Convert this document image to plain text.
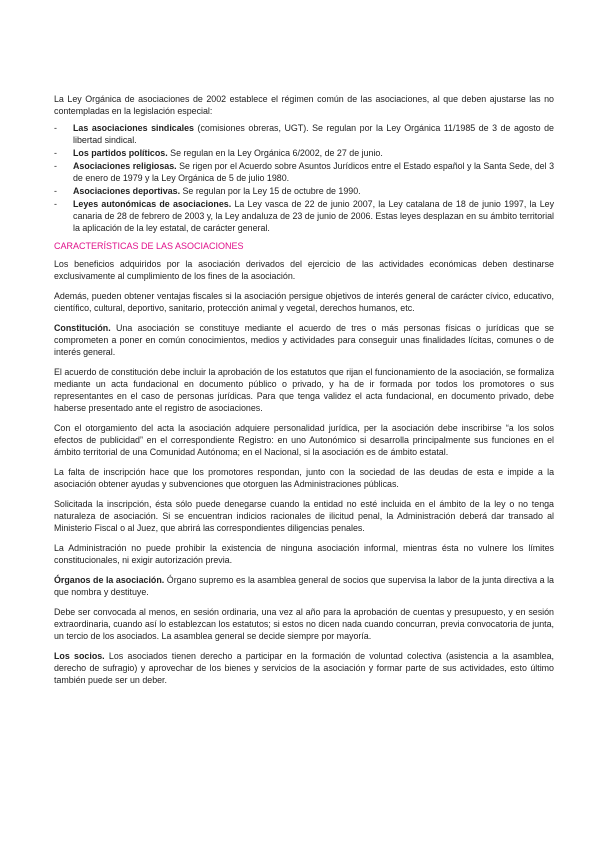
La Ley Orgánica de asociaciones de 2002 establece el régimen común de las asociaciones, al que deben ajustarse las no contempladas en la legislación especial:

- Las asociaciones sindicales (comisiones obreras, UGT). Se regulan por la Ley Orgánica 11/1985 de 3 de agosto de libertad sindical.
- Los partidos políticos. Se regulan en la Ley Orgánica 6/2002, de 27 de junio.
- Asociaciones religiosas. Se rigen por el Acuerdo sobre Asuntos Jurídicos entre el Estado español y la Santa Sede, del 3 de enero de 1979 y la Ley Orgánica de 5 de julio 1980.
- Asociaciones deportivas. Se regulan por la Ley 15 de octubre de 1990.
- Leyes autonómicas de asociaciones. La Ley vasca de 22 de junio 2007, la Ley catalana de 18 de junio 1997, la Ley canaria de 28 de febrero de 2003 y, la Ley andaluza de 23 de junio de 2006. Estas leyes desplazan en su ámbito territorial la aplicación de la ley estatal, de carácter general.
CARACTERÍSTICAS DE LAS ASOCIACIONES

Los beneficios adquiridos por la asociación derivados del ejercicio de las actividades económicas deben destinarse exclusivamente al cumplimiento de los fines de la asociación.

Además, pueden obtener ventajas fiscales si la asociación persigue objetivos de interés general de carácter cívico, educativo, científico, cultural, deportivo, sanitario, protección animal y vegetal, derechos humanos, etc.

Constitución. Una asociación se constituye mediante el acuerdo de tres o más personas físicas o jurídicas que se comprometen a poner en común conocimientos, medios y actividades para conseguir unas finalidades lícitas, comunes o de interés general.

El acuerdo de constitución debe incluir la aprobación de los estatutos que rijan el funcionamiento de la asociación, se formaliza mediante un acta fundacional en documento público o privado, y ha de ir formada por todos los promotores o sus representantes en el caso de personas jurídicas. Para que tenga validez el acta fundacional, en documento privado, debe haberse presentado ante el registro de asociaciones.

Con el otorgamiento del acta la asociación adquiere personalidad jurídica, per la asociación debe inscribirse “a los solos efectos de publicidad” en el correspondiente Registro: en uno Autonómico si desarrolla principalmente sus funciones en el ámbito territorial de una Comunidad Autónoma; en el Nacional, si la asociación es de ámbito estatal.

La falta de inscripción hace que los promotores respondan, junto con la sociedad de las deudas de esta e impide a la asociación obtener ayudas y subvenciones que otorguen las Administraciones públicas.

Solicitada la inscripción, ésta sólo puede denegarse cuando la entidad no esté incluida en el ámbito de la ley o no tenga naturaleza de asociación. Si se encuentran indicios racionales de ilicitud penal, la Administración deberá dar transado al Ministerio Fiscal o al Juez, que abrirá las correspondientes diligencias penales.

La Administración no puede prohibir la existencia de ninguna asociación informal, mientras ésta no vulnere los límites constitucionales, ni exigir autorización previa.

Órganos de la asociación. Órgano supremo es la asamblea general de socios que supervisa la labor de la junta directiva a la que nombra y destituye.

Debe ser convocada al menos, en sesión ordinaria, una vez al año para la aprobación de cuentas y presupuesto, y en sesión extraordinaria, cuando así lo establezcan los estatutos; si estos no dicen nada cuando concurran, previa convocatoria de junta, un tercio de los asociados. La asamblea general se decide siempre por mayoría.

Los socios. Los asociados tienen derecho a participar en la formación de voluntad colectiva (asistencia a la asamblea, derecho de sufragio) y aprovechar de los bienes y servicios de la asociación y formar parte de sus actividades, esto último también puede ser un deber.
